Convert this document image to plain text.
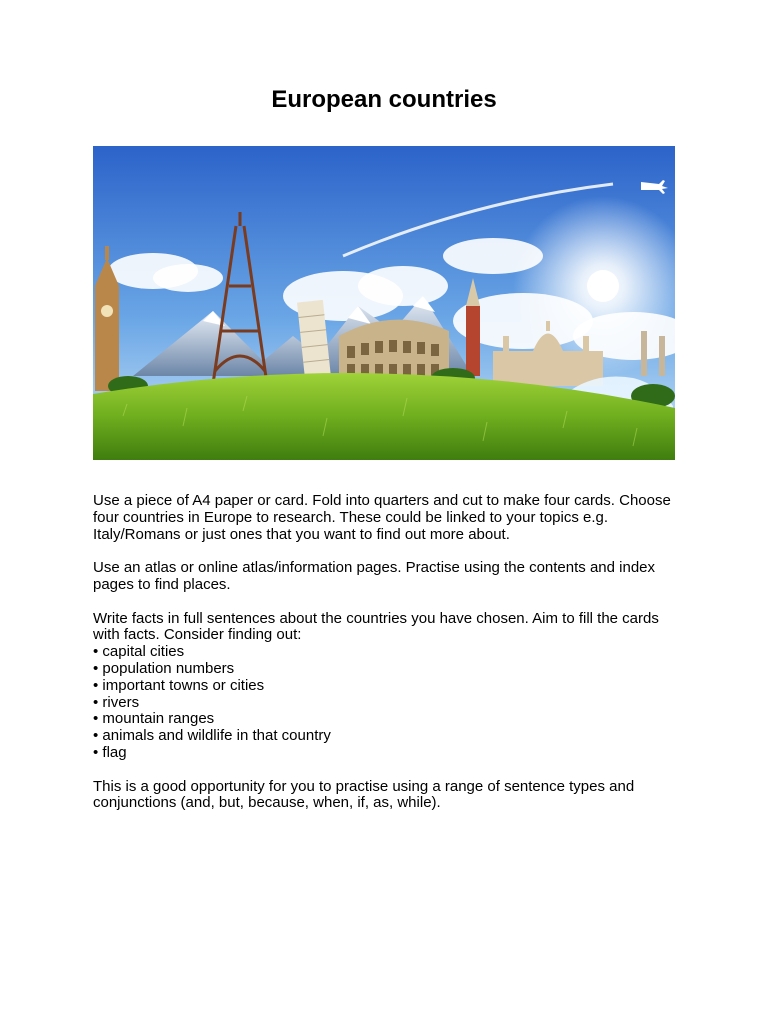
European countries

Use a piece of A4 paper or card. Fold into quarters and cut to make four cards. Choose four countries in Europe to research. These could be linked to your topics e.g. Italy/Romans or just ones that you want to find out more about.

Use an atlas or online atlas/information pages. Practise using the contents and index pages to find places.

Write facts in full sentences about the countries you have chosen. Aim to fill the cards with facts. Consider finding out:
• capital cities
• population numbers
• important towns or cities
• rivers
• mountain ranges
• animals and wildlife in that country
• flag

This is a good opportunity for you to practise using a range of sentence types and conjunctions (and, but, because, when, if, as, while).
